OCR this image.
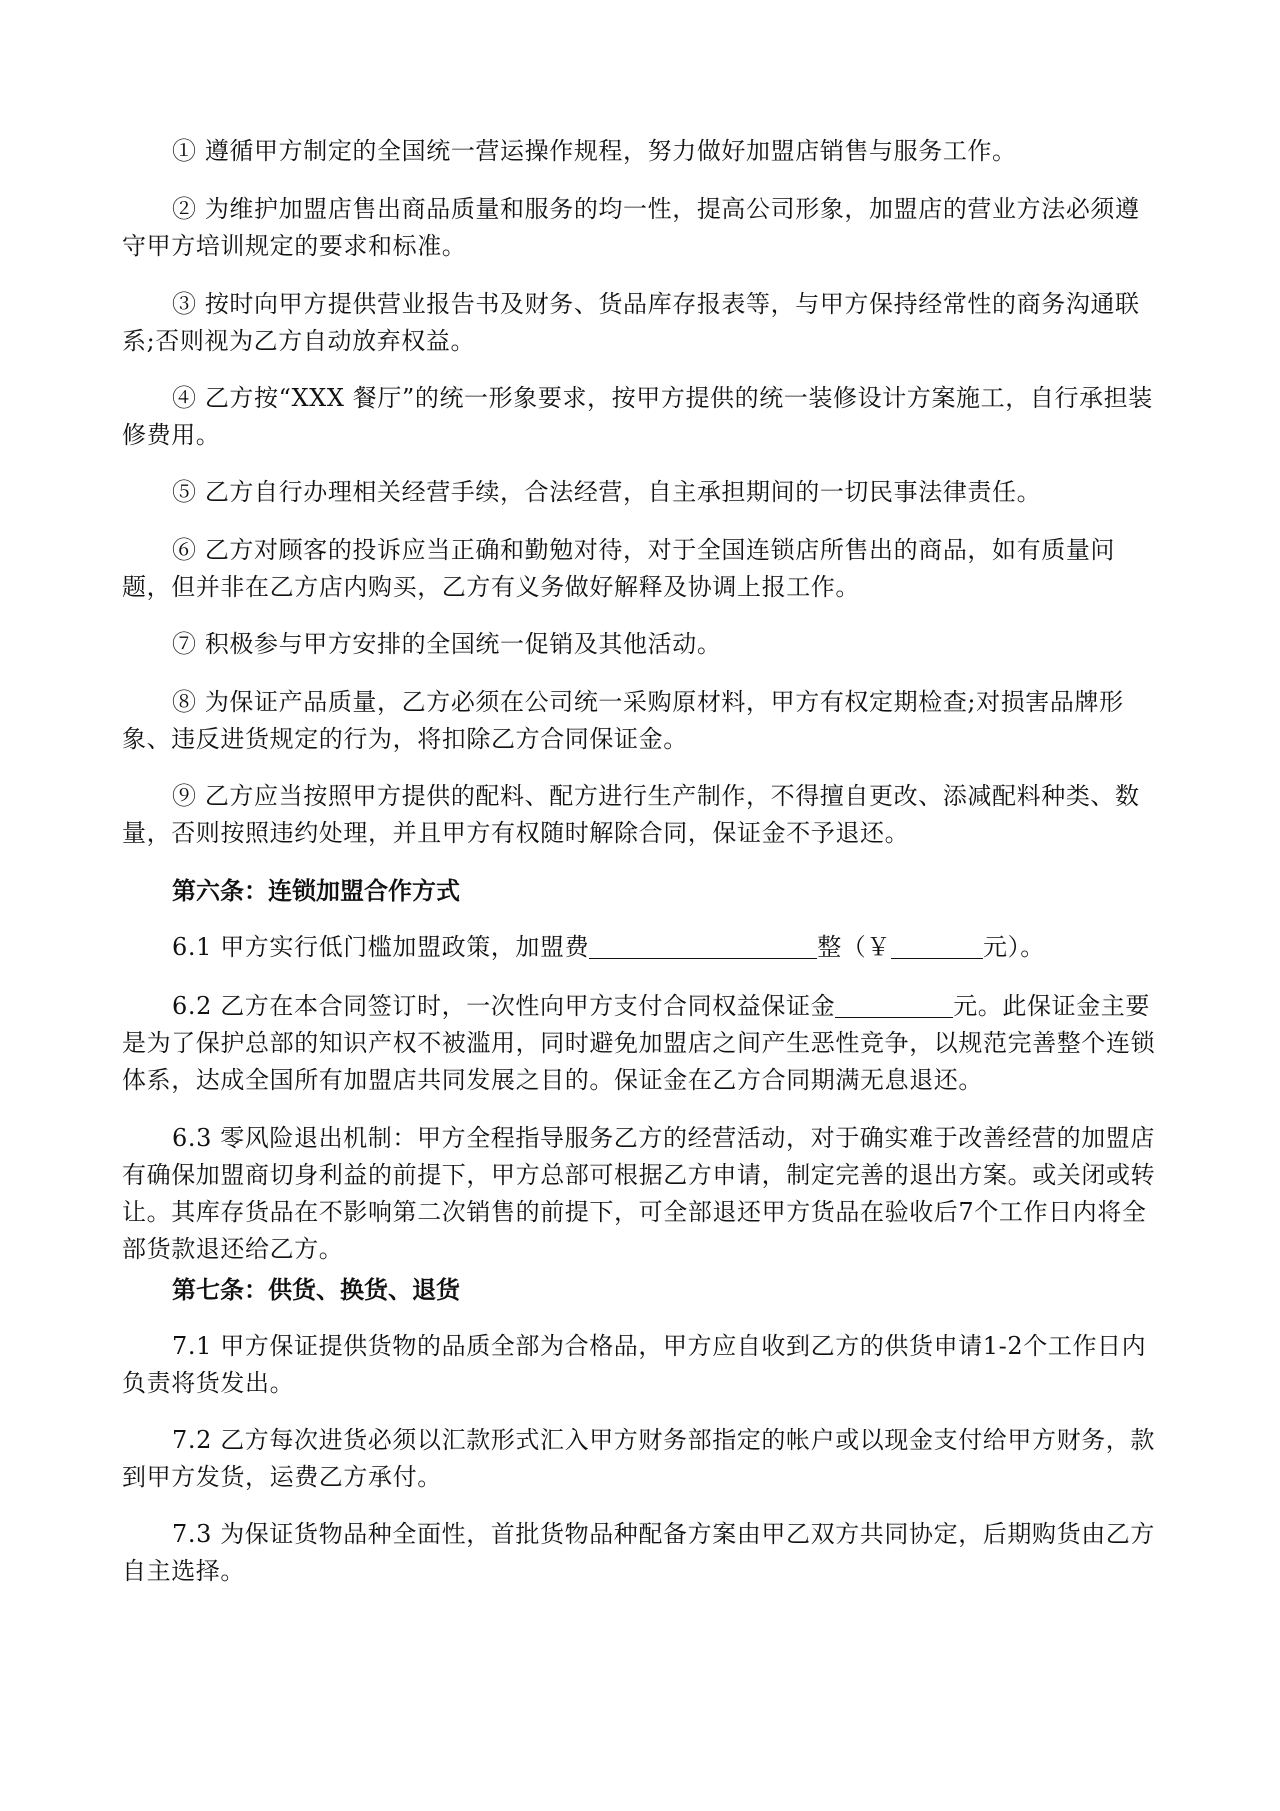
① 遵循甲方制定的全国统一营运操作规程，努力做好加盟店销售与服务工作。

② 为维护加盟店售出商品质量和服务的均一性，提高公司形象，加盟店的营业方法必须遵守甲方培训规定的要求和标准。

③ 按时向甲方提供营业报告书及财务、货品库存报表等，与甲方保持经常性的商务沟通联系;否则视为乙方自动放弃权益。

④ 乙方按“XXX 餐厅”的统一形象要求，按甲方提供的统一装修设计方案施工，自行承担装修费用。

⑤ 乙方自行办理相关经营手续，合法经营，自主承担期间的一切民事法律责任。

⑥ 乙方对顾客的投诉应当正确和勤勉对待，对于全国连锁店所售出的商品，如有质量问题，但并非在乙方店内购买，乙方有义务做好解释及协调上报工作。

⑦ 积极参与甲方安排的全国统一促销及其他活动。

⑧ 为保证产品质量，乙方必须在公司统一采购原材料，甲方有权定期检查;对损害品牌形象、违反进货规定的行为，将扣除乙方合同保证金。

⑨ 乙方应当按照甲方提供的配料、配方进行生产制作，不得擅自更改、添减配料种类、数量，否则按照违约处理，并且甲方有权随时解除合同，保证金不予退还。

第六条：连锁加盟合作方式

6.1 甲方实行低门槛加盟政策，加盟费	整（￥	元）。

6.2 乙方在本合同签订时，一次性向甲方支付合同权益保证金	元。此保证金主要是为了保护总部的知识产权不被滥用，同时避免加盟店之间产生恶性竞争，以规范完善整个连锁体系，达成全国所有加盟店共同发展之目的。保证金在乙方合同期满无息退还。

6.3 零风险退出机制：甲方全程指导服务乙方的经营活动，对于确实难于改善经营的加盟店有确保加盟商切身利益的前提下，甲方总部可根据乙方申请，制定完善的退出方案。或关闭或转让。其库存货品在不影响第二次销售的前提下，可全部退还甲方货品在验收后7个工作日内将全部货款退还给乙方。

第七条：供货、换货、退货

7.1 甲方保证提供货物的品质全部为合格品，甲方应自收到乙方的供货申请1-2个工作日内负责将货发出。

7.2 乙方每次进货必须以汇款形式汇入甲方财务部指定的帐户或以现金支付给甲方财务，款到甲方发货，运费乙方承付。

7.3 为保证货物品种全面性，首批货物品种配备方案由甲乙双方共同协定，后期购货由乙方自主选择。
